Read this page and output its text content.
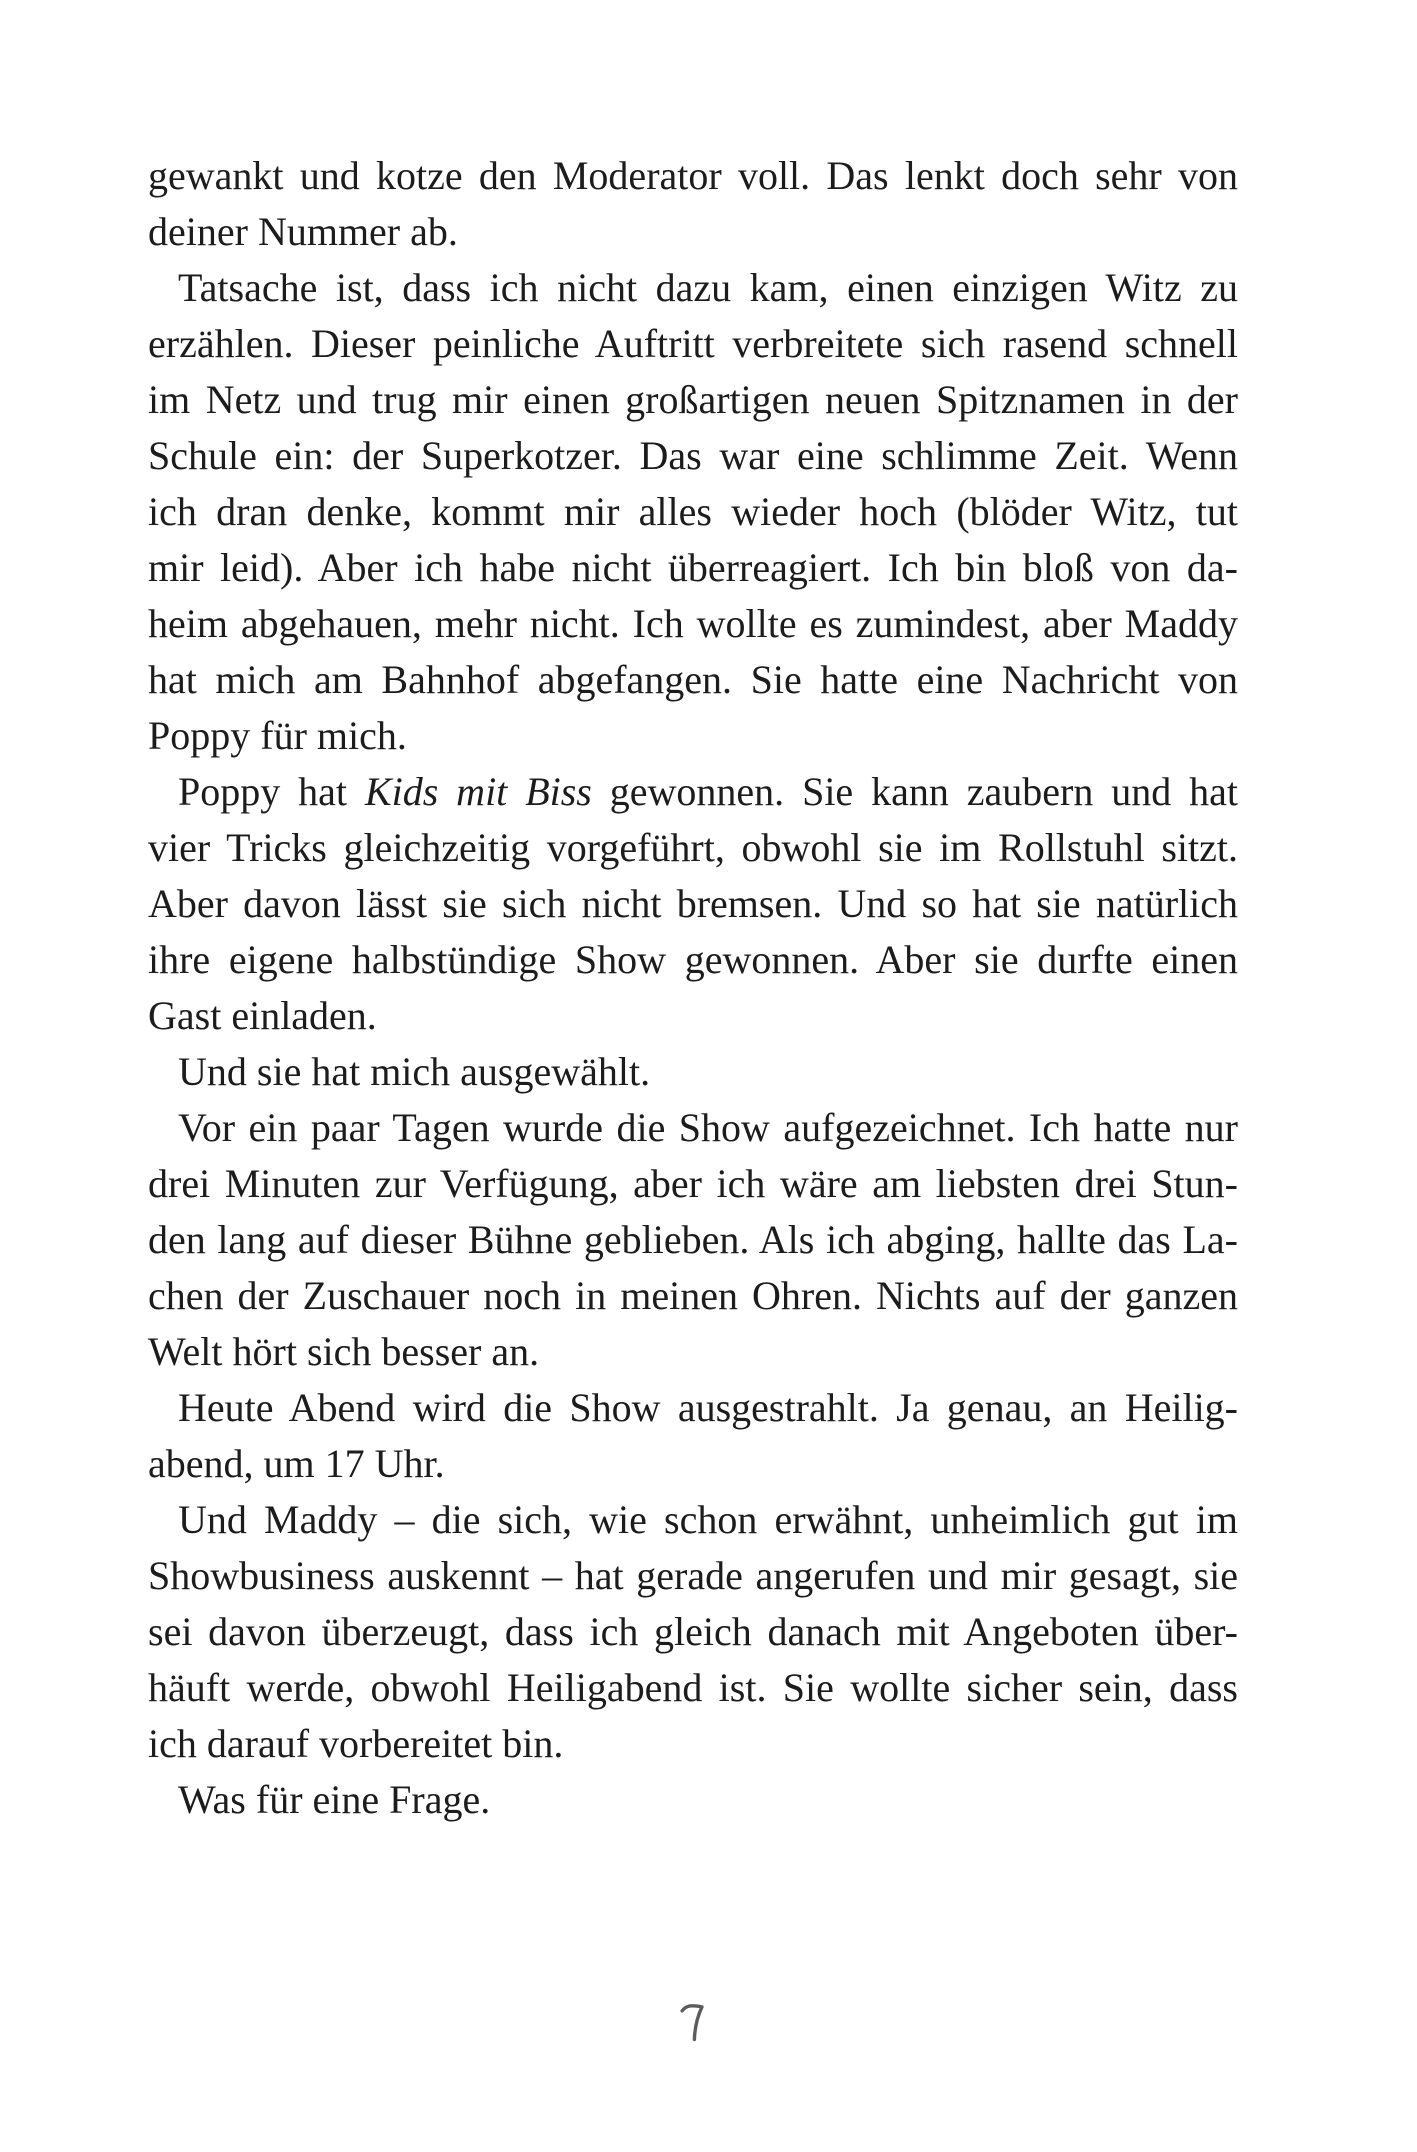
gewankt und kotze den Moderator voll. Das lenkt doch sehr von
deiner Nummer ab.
Tatsache ist, dass ich nicht dazu kam, einen einzigen Witz zu
erzählen. Dieser peinliche Auftritt verbreitete sich rasend schnell
im Netz und trug mir einen großartigen neuen Spitznamen in der
Schule ein: der Superkotzer. Das war eine schlimme Zeit. Wenn
ich dran denke, kommt mir alles wieder hoch (blöder Witz, tut
mir leid). Aber ich habe nicht überreagiert. Ich bin bloß von da-
heim abgehauen, mehr nicht. Ich wollte es zumindest, aber Maddy
hat mich am Bahnhof abgefangen. Sie hatte eine Nachricht von
Poppy für mich.
Poppy hat Kids mit Biss gewonnen. Sie kann zaubern und hat
vier Tricks gleichzeitig vorgeführt, obwohl sie im Rollstuhl sitzt.
Aber davon lässt sie sich nicht bremsen. Und so hat sie natürlich
ihre eigene halbstündige Show gewonnen. Aber sie durfte einen
Gast einladen.
Und sie hat mich ausgewählt.
Vor ein paar Tagen wurde die Show aufgezeichnet. Ich hatte nur
drei Minuten zur Verfügung, aber ich wäre am liebsten drei Stun-
den lang auf dieser Bühne geblieben. Als ich abging, hallte das La-
chen der Zuschauer noch in meinen Ohren. Nichts auf der ganzen
Welt hört sich besser an.
Heute Abend wird die Show ausgestrahlt. Ja genau, an Heilig-
abend, um 17 Uhr.
Und Maddy – die sich, wie schon erwähnt, unheimlich gut im
Showbusiness auskennt – hat gerade angerufen und mir gesagt, sie
sei davon überzeugt, dass ich gleich danach mit Angeboten über-
häuft werde, obwohl Heiligabend ist. Sie wollte sicher sein, dass
ich darauf vorbereitet bin.
Was für eine Frage.
